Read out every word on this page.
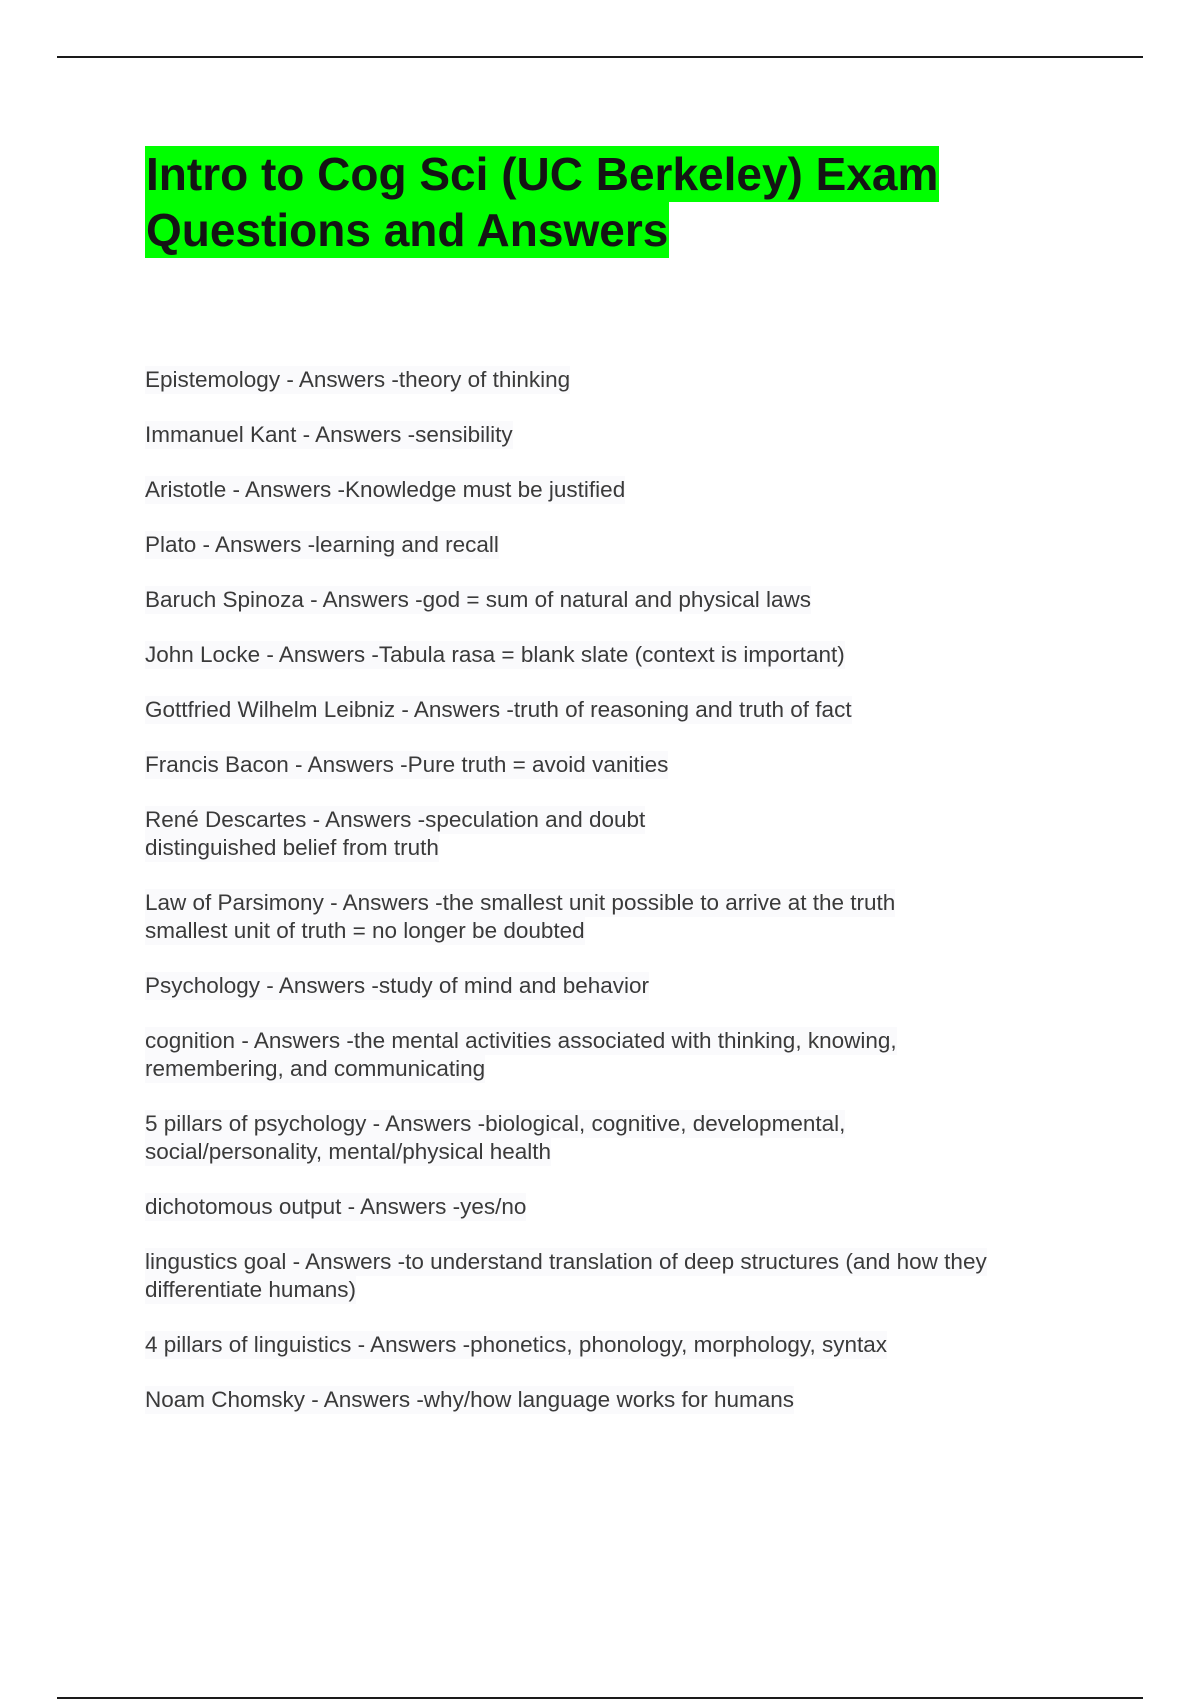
Intro to Cog Sci (UC Berkeley) Exam
Questions and Answers
Epistemology - Answers -theory of thinking
Immanuel Kant - Answers -sensibility
Aristotle - Answers -Knowledge must be justified
Plato - Answers -learning and recall
Baruch Spinoza - Answers -god = sum of natural and physical laws
John Locke - Answers -Tabula rasa = blank slate (context is important)
Gottfried Wilhelm Leibniz - Answers -truth of reasoning and truth of fact
Francis Bacon - Answers -Pure truth = avoid vanities
René Descartes - Answers -speculation and doubt
distinguished belief from truth
Law of Parsimony - Answers -the smallest unit possible to arrive at the truth
smallest unit of truth = no longer be doubted
Psychology - Answers -study of mind and behavior
cognition - Answers -the mental activities associated with thinking, knowing,
remembering, and communicating
5 pillars of psychology - Answers -biological, cognitive, developmental,
social/personality, mental/physical health
dichotomous output - Answers -yes/no
lingustics goal - Answers -to understand translation of deep structures (and how they
differentiate humans)
4 pillars of linguistics - Answers -phonetics, phonology, morphology, syntax
Noam Chomsky - Answers -why/how language works for humans
